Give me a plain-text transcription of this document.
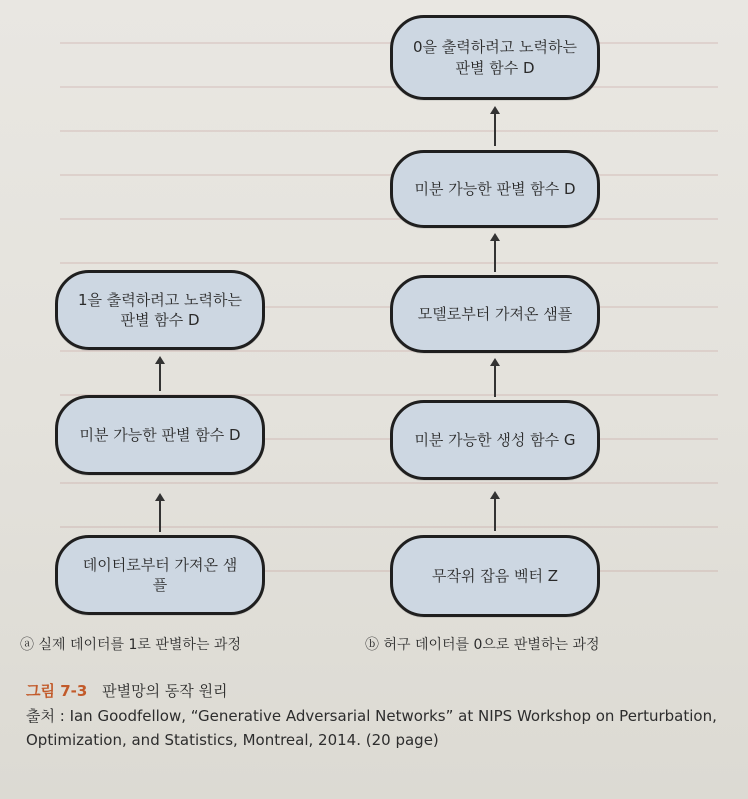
1을 출력하려고 노력하는
판별 함수 D
미분 가능한 판별 함수 D
데이터로부터 가져온 샘플
ⓐ 실제 데이터를 1로 판별하는 과정
0을 출력하려고 노력하는
판별 함수 D
미분 가능한 판별 함수 D
모델로부터 가져온 샘플
미분 가능한 생성 함수 G
무작위 잡음 벡터 Z
ⓑ 허구 데이터를 0으로 판별하는 과정
그림 7-3 판별망의 동작 원리
출처 : Ian Goodfellow, “Generative Adversarial Networks” at NIPS Workshop on Perturbation, Optimization, and Statistics, Montreal, 2014. (20 page)
